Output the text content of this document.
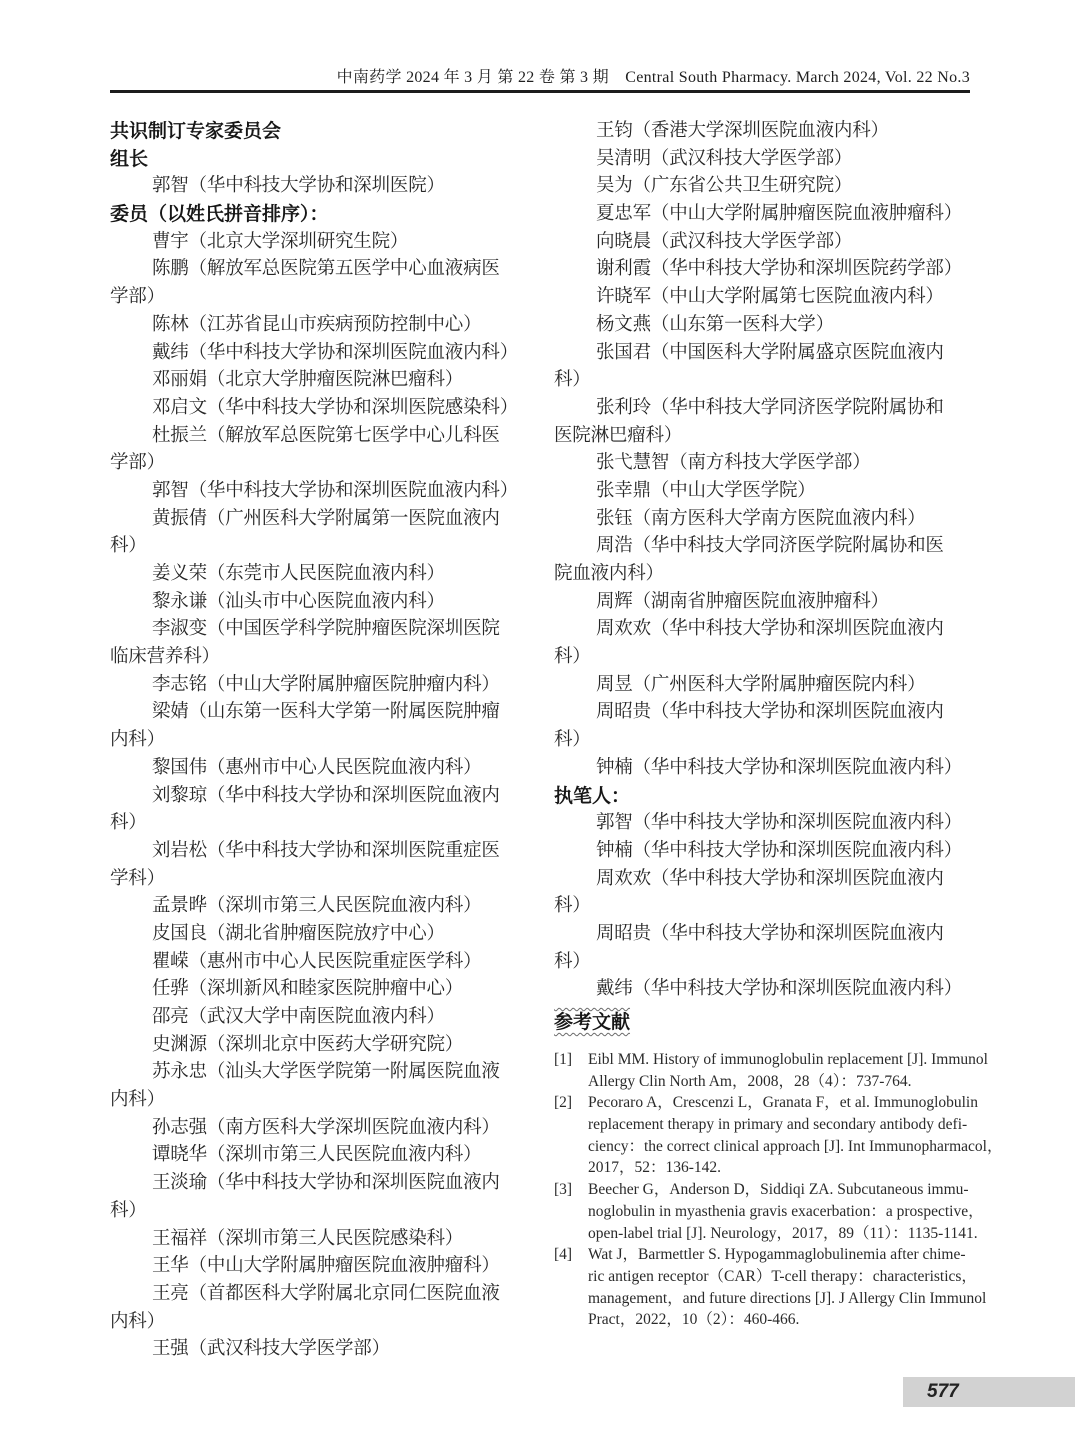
中南药学 2024 年 3 月 第 22 卷 第 3 期　Central South Pharmacy. March 2024, Vol. 22 No.3
共识制订专家委员会
组长
郭智（华中科技大学协和深圳医院）
委员（以姓氏拼音排序）：
曹宇（北京大学深圳研究生院）
陈鹏（解放军总医院第五医学中心血液病医
学部）
陈林（江苏省昆山市疾病预防控制中心）
戴纬（华中科技大学协和深圳医院血液内科）
邓丽娟（北京大学肿瘤医院淋巴瘤科）
邓启文（华中科技大学协和深圳医院感染科）
杜振兰（解放军总医院第七医学中心儿科医
学部）
郭智（华中科技大学协和深圳医院血液内科）
黄振倩（广州医科大学附属第一医院血液内
科）
姜义荣（东莞市人民医院血液内科）
黎永谦（汕头市中心医院血液内科）
李淑变（中国医学科学院肿瘤医院深圳医院
临床营养科）
李志铭（中山大学附属肿瘤医院肿瘤内科）
梁婧（山东第一医科大学第一附属医院肿瘤
内科）
黎国伟（惠州市中心人民医院血液内科）
刘黎琼（华中科技大学协和深圳医院血液内
科）
刘岩松（华中科技大学协和深圳医院重症医
学科）
孟景晔（深圳市第三人民医院血液内科）
皮国良（湖北省肿瘤医院放疗中心）
瞿嵘（惠州市中心人民医院重症医学科）
任骅（深圳新风和睦家医院肿瘤中心）
邵亮（武汉大学中南医院血液内科）
史渊源（深圳北京中医药大学研究院）
苏永忠（汕头大学医学院第一附属医院血液
内科）
孙志强（南方医科大学深圳医院血液内科）
谭晓华（深圳市第三人民医院血液内科）
王淡瑜（华中科技大学协和深圳医院血液内
科）
王福祥（深圳市第三人民医院感染科）
王华（中山大学附属肿瘤医院血液肿瘤科）
王亮（首都医科大学附属北京同仁医院血液
内科）
王强（武汉科技大学医学部）
王钧（香港大学深圳医院血液内科）
吴清明（武汉科技大学医学部）
吴为（广东省公共卫生研究院）
夏忠军（中山大学附属肿瘤医院血液肿瘤科）
向晓晨（武汉科技大学医学部）
谢利霞（华中科技大学协和深圳医院药学部）
许晓军（中山大学附属第七医院血液内科）
杨文燕（山东第一医科大学）
张国君（中国医科大学附属盛京医院血液内
科）
张利玲（华中科技大学同济医学院附属协和
医院淋巴瘤科）
张弋慧智（南方科技大学医学部）
张幸鼎（中山大学医学院）
张钰（南方医科大学南方医院血液内科）
周浩（华中科技大学同济医学院附属协和医
院血液内科）
周辉（湖南省肿瘤医院血液肿瘤科）
周欢欢（华中科技大学协和深圳医院血液内
科）
周昱（广州医科大学附属肿瘤医院内科）
周昭贵（华中科技大学协和深圳医院血液内
科）
钟楠（华中科技大学协和深圳医院血液内科）
执笔人：
郭智（华中科技大学协和深圳医院血液内科）
钟楠（华中科技大学协和深圳医院血液内科）
周欢欢（华中科技大学协和深圳医院血液内
科）
周昭贵（华中科技大学协和深圳医院血液内
科）
戴纬（华中科技大学协和深圳医院血液内科）
参考文献
[1]	Eibl MM. History of immunoglobulin replacement [J]. Immunol
Allergy Clin North Am，2008，28（4）：737-764.
[2]	Pecoraro A，Crescenzi L，Granata F，et al. Immunoglobulin
replacement therapy in primary and secondary antibody defi-
ciency：the correct clinical approach [J]. Int Immunopharmacol，
2017，52：136-142.
[3]	Beecher G，Anderson D，Siddiqi ZA. Subcutaneous immu-
noglobulin in myasthenia gravis exacerbation：a prospective，
open-label trial [J]. Neurology，2017，89（11）：1135-1141.
[4]	Wat J，Barmettler S. Hypogammaglobulinemia after chime-
ric antigen receptor（CAR）T-cell therapy：characteristics，
management，and future directions [J]. J Allergy Clin Immunol
Pract，2022，10（2）：460-466.
577
